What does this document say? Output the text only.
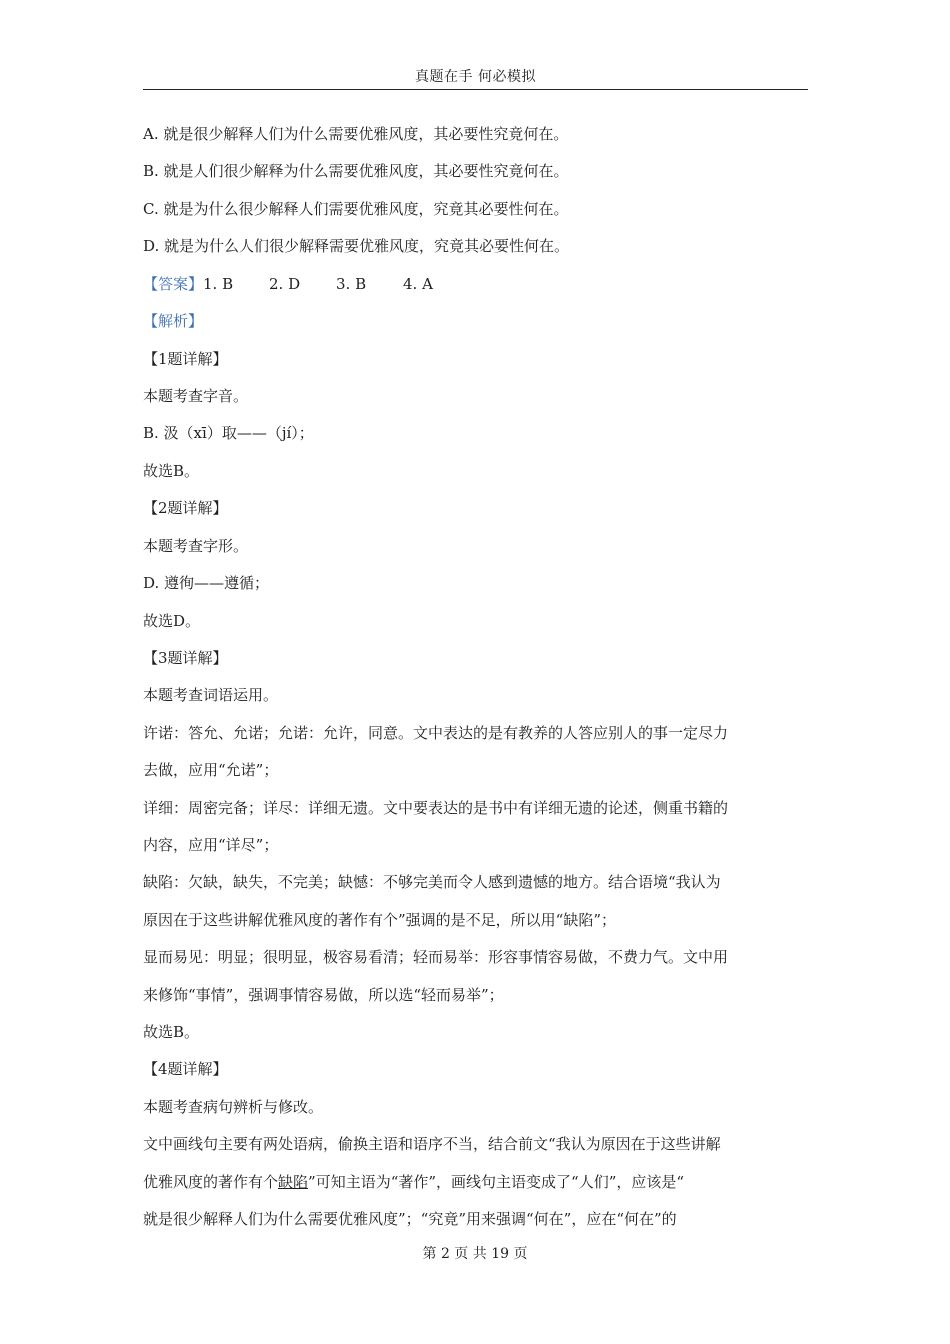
真题在手 何必模拟
A. 就是很少解释人们为什么需要优雅风度，其必要性究竟何在。
B. 就是人们很少解释为什么需要优雅风度，其必要性究竟何在。
C. 就是为什么很少解释人们需要优雅风度，究竟其必要性何在。
D. 就是为什么人们很少解释需要优雅风度，究竟其必要性何在。
【答案】1. B 2. D 3. B 4. A
【解析】
【1题详解】
本题考查字音。
B. 汲（xī）取——（jí）；
故选B。
【2题详解】
本题考查字形。
D. 遵徇——遵循；
故选D。
【3题详解】
本题考查词语运用。
许诺：答允、允诺；允诺：允许，同意。文中表达的是有教养的人答应别人的事一定尽力
去做，应用“允诺”；
详细：周密完备；详尽：详细无遗。文中要表达的是书中有详细无遗的论述，侧重书籍的
内容，应用“详尽”；
缺陷：欠缺，缺失，不完美；缺憾：不够完美而令人感到遗憾的地方。结合语境“我认为
原因在于这些讲解优雅风度的著作有个”强调的是不足，所以用“缺陷”；
显而易见：明显；很明显，极容易看清；轻而易举：形容事情容易做，不费力气。文中用
来修饰“事情”，强调事情容易做，所以选“轻而易举”；
故选B。
【4题详解】
本题考查病句辨析与修改。
文中画线句主要有两处语病，偷换主语和语序不当，结合前文“我认为原因在于这些讲解
优雅风度的著作有个缺陷”可知主语为“著作”，画线句主语变成了“人们”，应该是“
就是很少解释人们为什么需要优雅风度”；“究竟”用来强调“何在”，应在“何在”的
第 2 页 共 19 页
